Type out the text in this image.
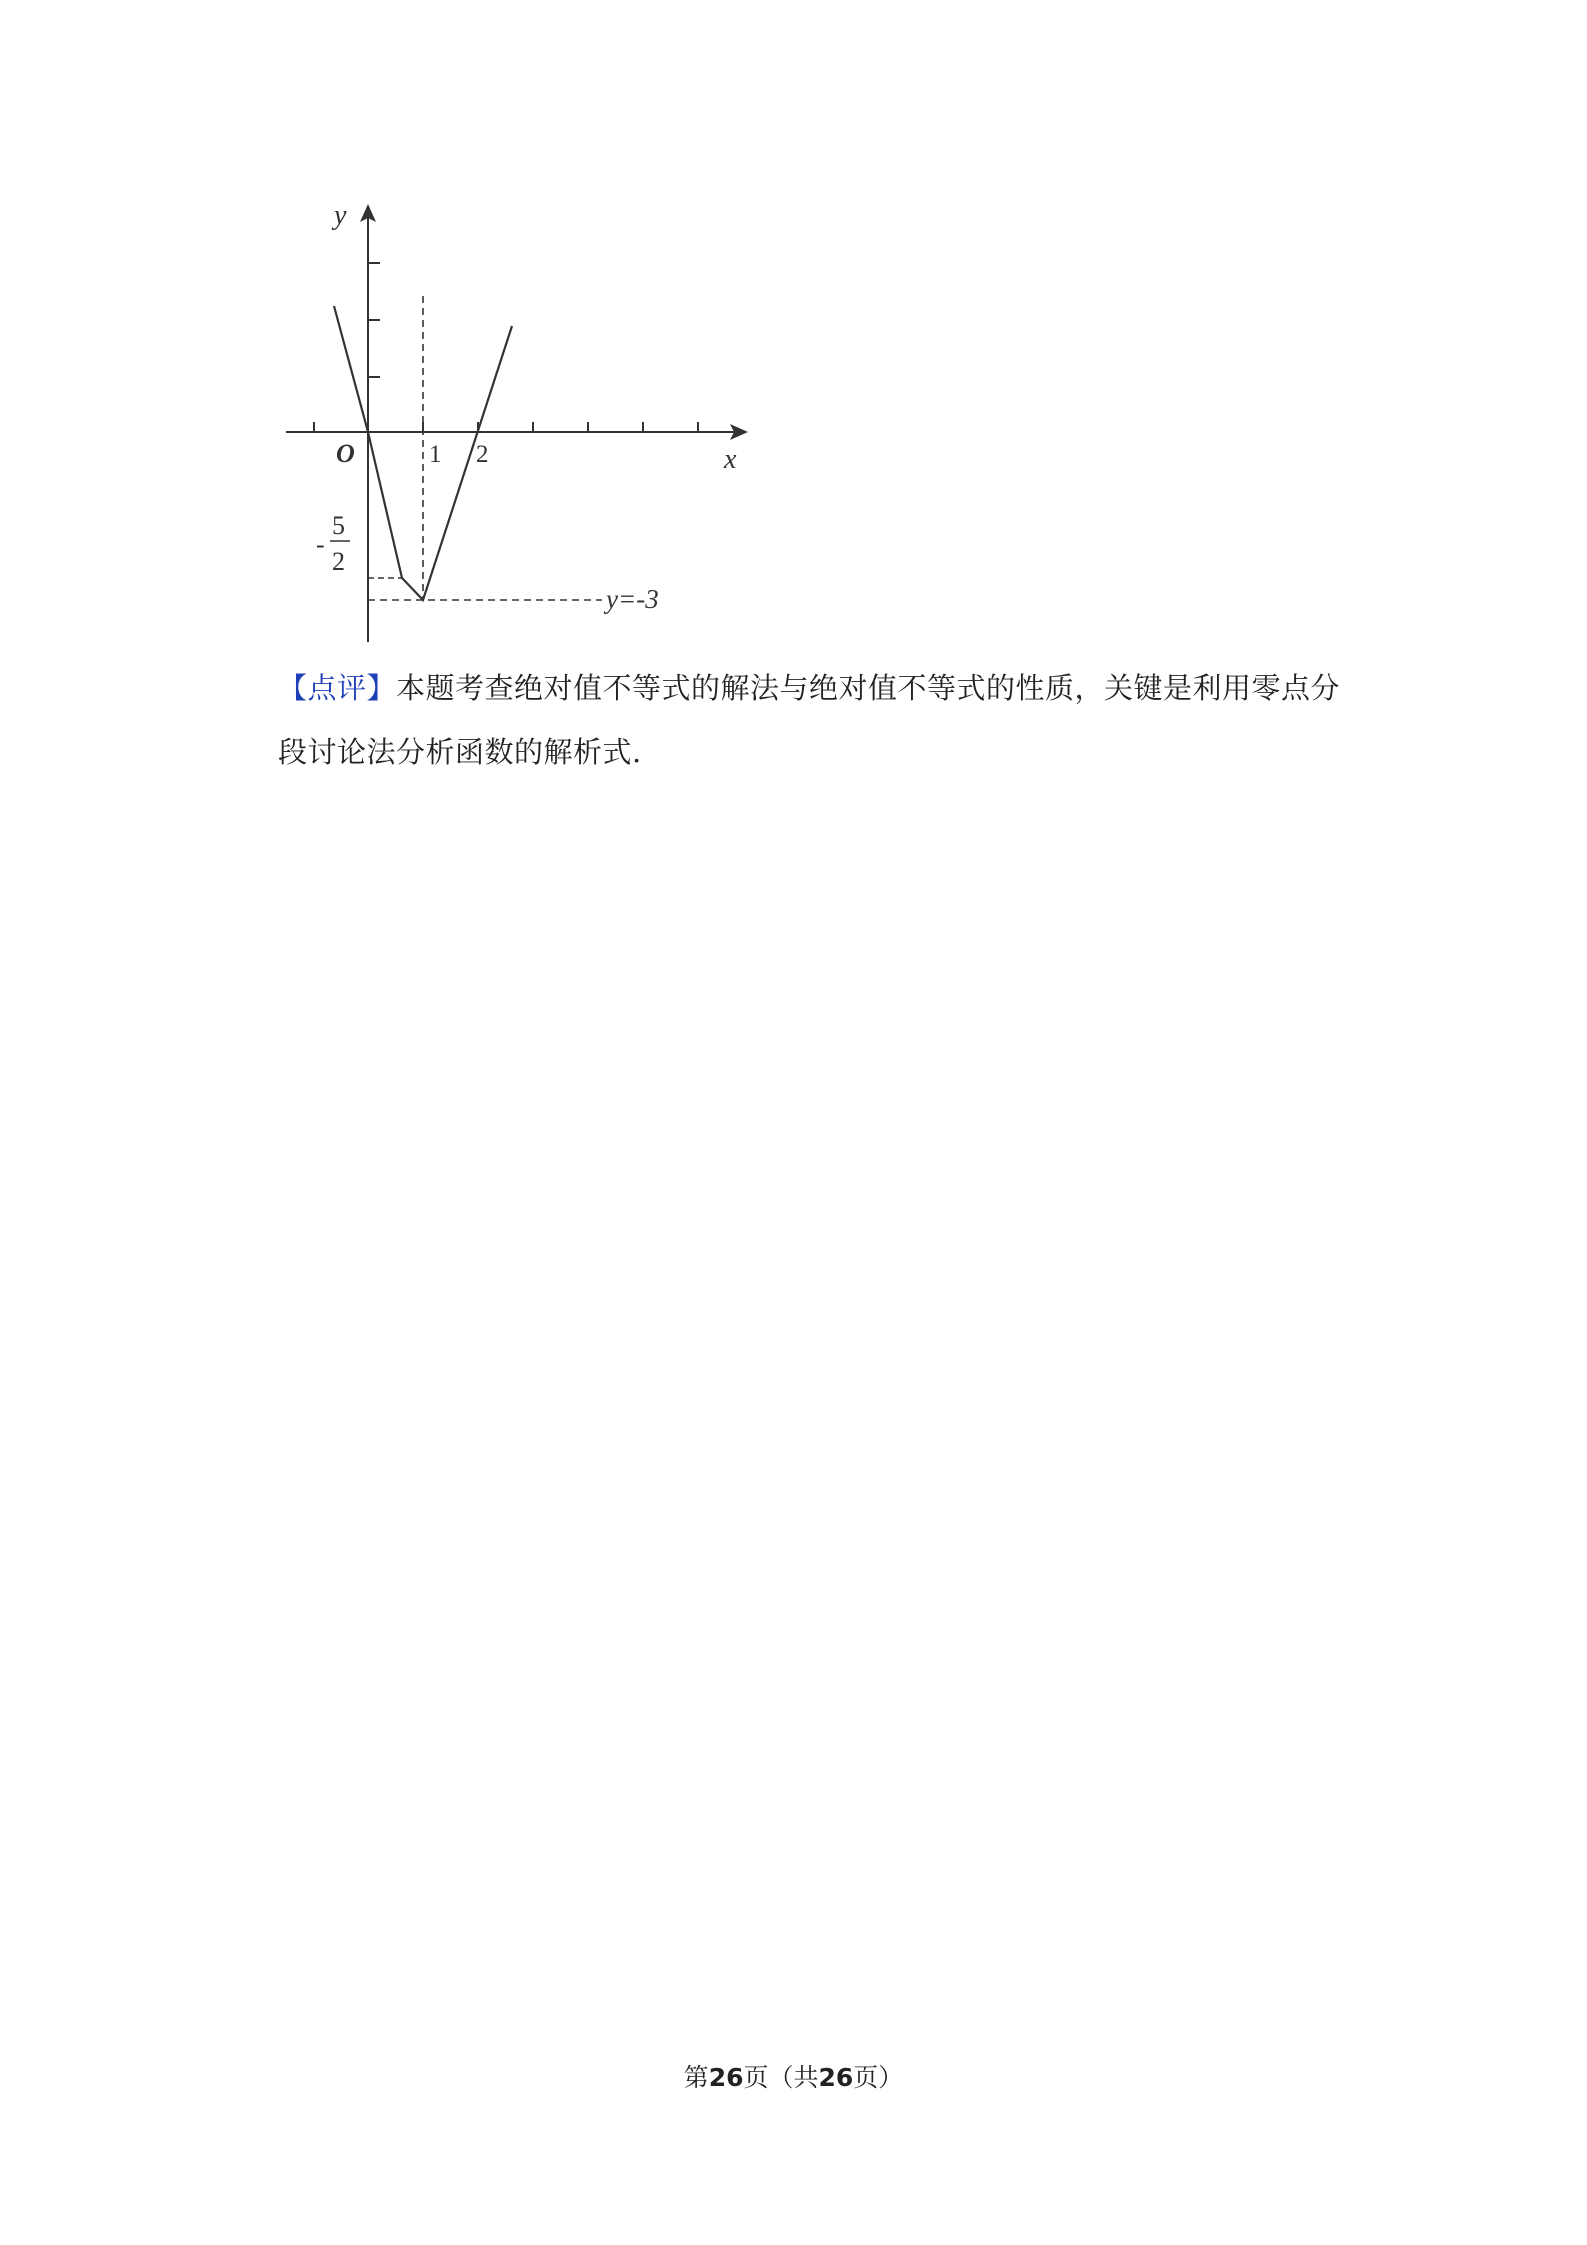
y
x
O	1 2
-
5
2
y=-3
【点评】本题考查绝对值不等式的解法与绝对值不等式的性质，关键是利用零点分段讨论法分析函数的解析式.
第26页（共26页）
